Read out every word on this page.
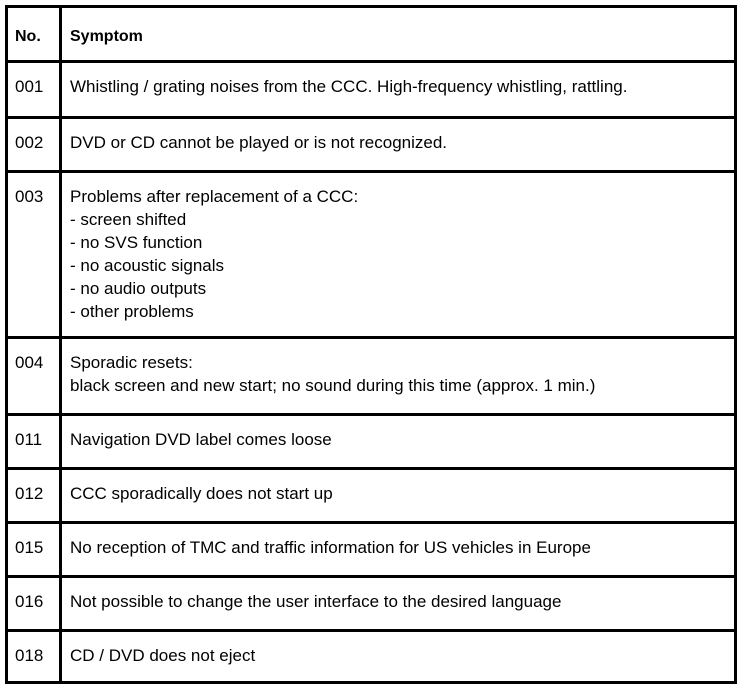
No.	Symptom
001	Whistling / grating noises from the CCC. High-frequency whistling, rattling.
002	DVD or CD cannot be played or is not recognized.
003	Problems after replacement of a CCC:
- screen shifted
- no SVS function
- no acoustic signals
- no audio outputs
- other problems
004	Sporadic resets:
black screen and new start; no sound during this time (approx. 1 min.)
011	Navigation DVD label comes loose
012	CCC sporadically does not start up
015	No reception of TMC and traffic information for US vehicles in Europe
016	Not possible to change the user interface to the desired language
018	CD / DVD does not eject
